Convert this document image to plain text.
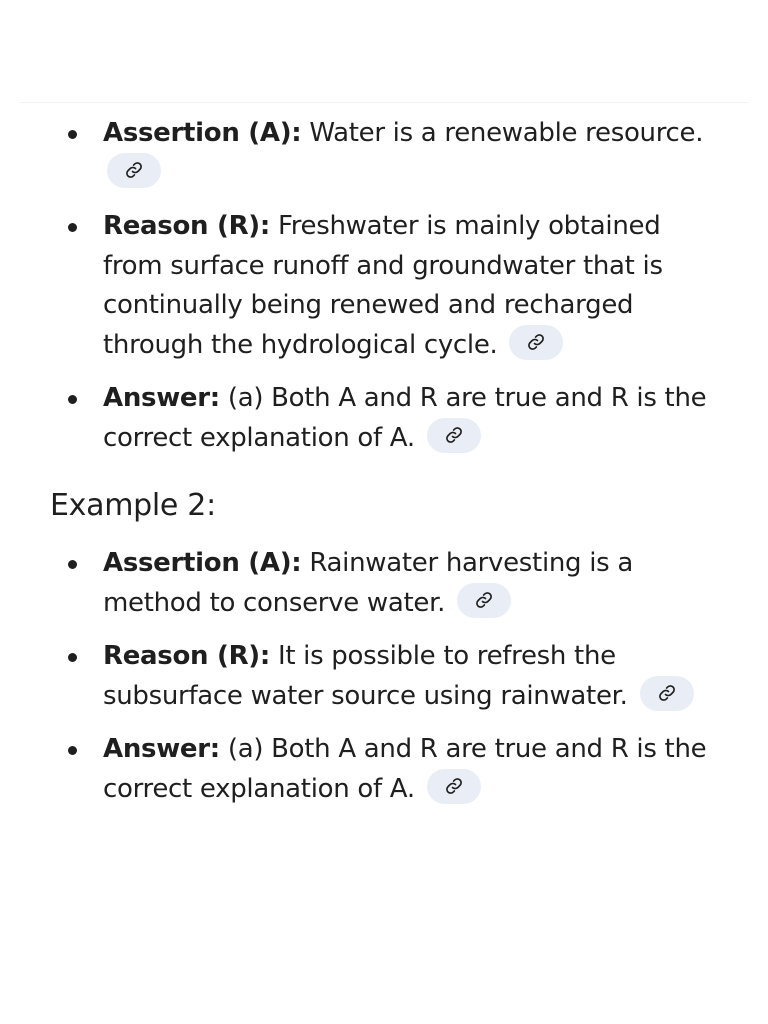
Assertion (A): Water is a renewable resource.
Reason (R): Freshwater is mainly obtained from surface runoff and groundwater that is continually being renewed and recharged through the hydrological cycle.
Answer: (a) Both A and R are true and R is the correct explanation of A.
Example 2:
Assertion (A): Rainwater harvesting is a method to conserve water.
Reason (R): It is possible to refresh the subsurface water source using rainwater.
Answer: (a) Both A and R are true and R is the correct explanation of A.
